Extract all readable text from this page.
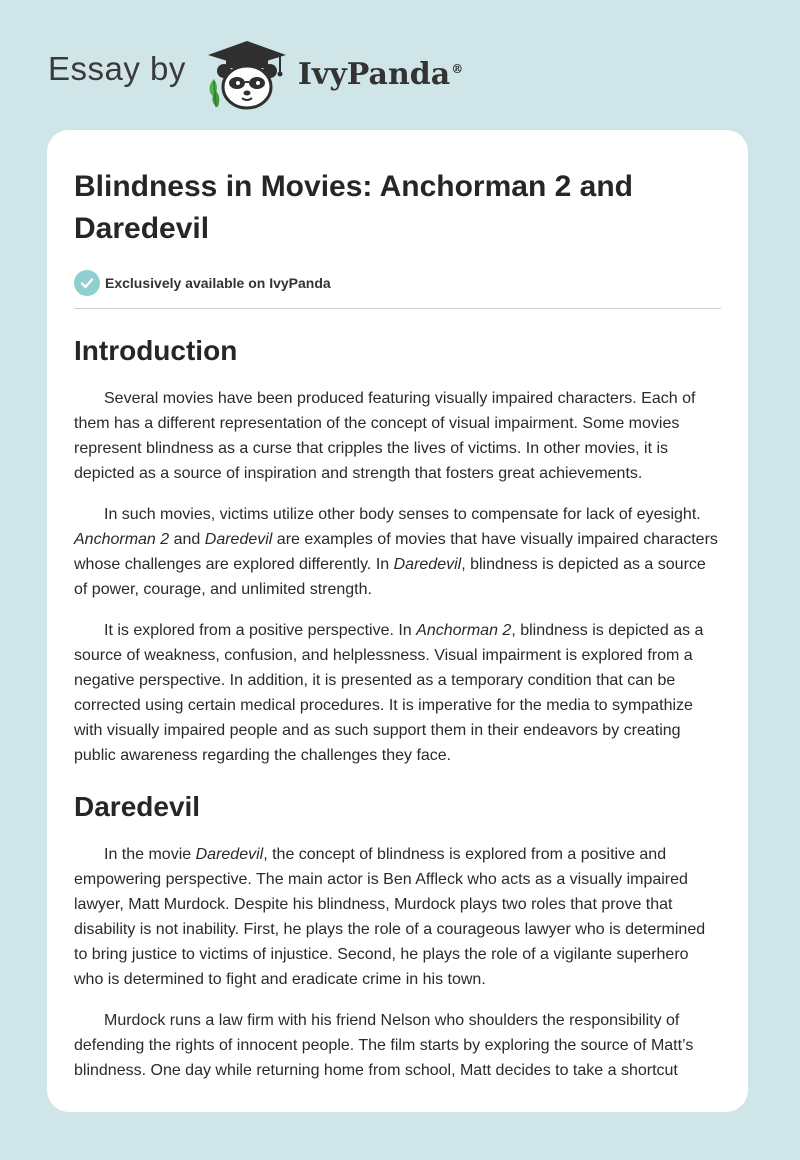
Essay by	IvyPanda®
Blindness in Movies: Anchorman 2 and Daredevil
Exclusively available on IvyPanda
Introduction

Several movies have been produced featuring visually impaired characters. Each of them has a different representation of the concept of visual impairment. Some movies represent blindness as a curse that cripples the lives of victims. In other movies, it is depicted as a source of inspiration and strength that fosters great achievements.

In such movies, victims utilize other body senses to compensate for lack of eyesight. Anchorman 2 and Daredevil are examples of movies that have visually impaired characters whose challenges are explored differently. In Daredevil, blindness is depicted as a source of power, courage, and unlimited strength.

It is explored from a positive perspective. In Anchorman 2, blindness is depicted as a source of weakness, confusion, and helplessness. Visual impairment is explored from a negative perspective. In addition, it is presented as a temporary condition that can be corrected using certain medical procedures. It is imperative for the media to sympathize with visually impaired people and as such support them in their endeavors by creating public awareness regarding the challenges they face.

Daredevil

In the movie Daredevil, the concept of blindness is explored from a positive and empowering perspective. The main actor is Ben Affleck who acts as a visually impaired lawyer, Matt Murdock. Despite his blindness, Murdock plays two roles that prove that disability is not inability. First, he plays the role of a courageous lawyer who is determined to bring justice to victims of injustice. Second, he plays the role of a vigilante superhero who is determined to fight and eradicate crime in his town.

Murdock runs a law firm with his friend Nelson who shoulders the responsibility of defending the rights of innocent people. The film starts by exploring the source of Matt’s blindness. One day while returning home from school, Matt decides to take a shortcut
